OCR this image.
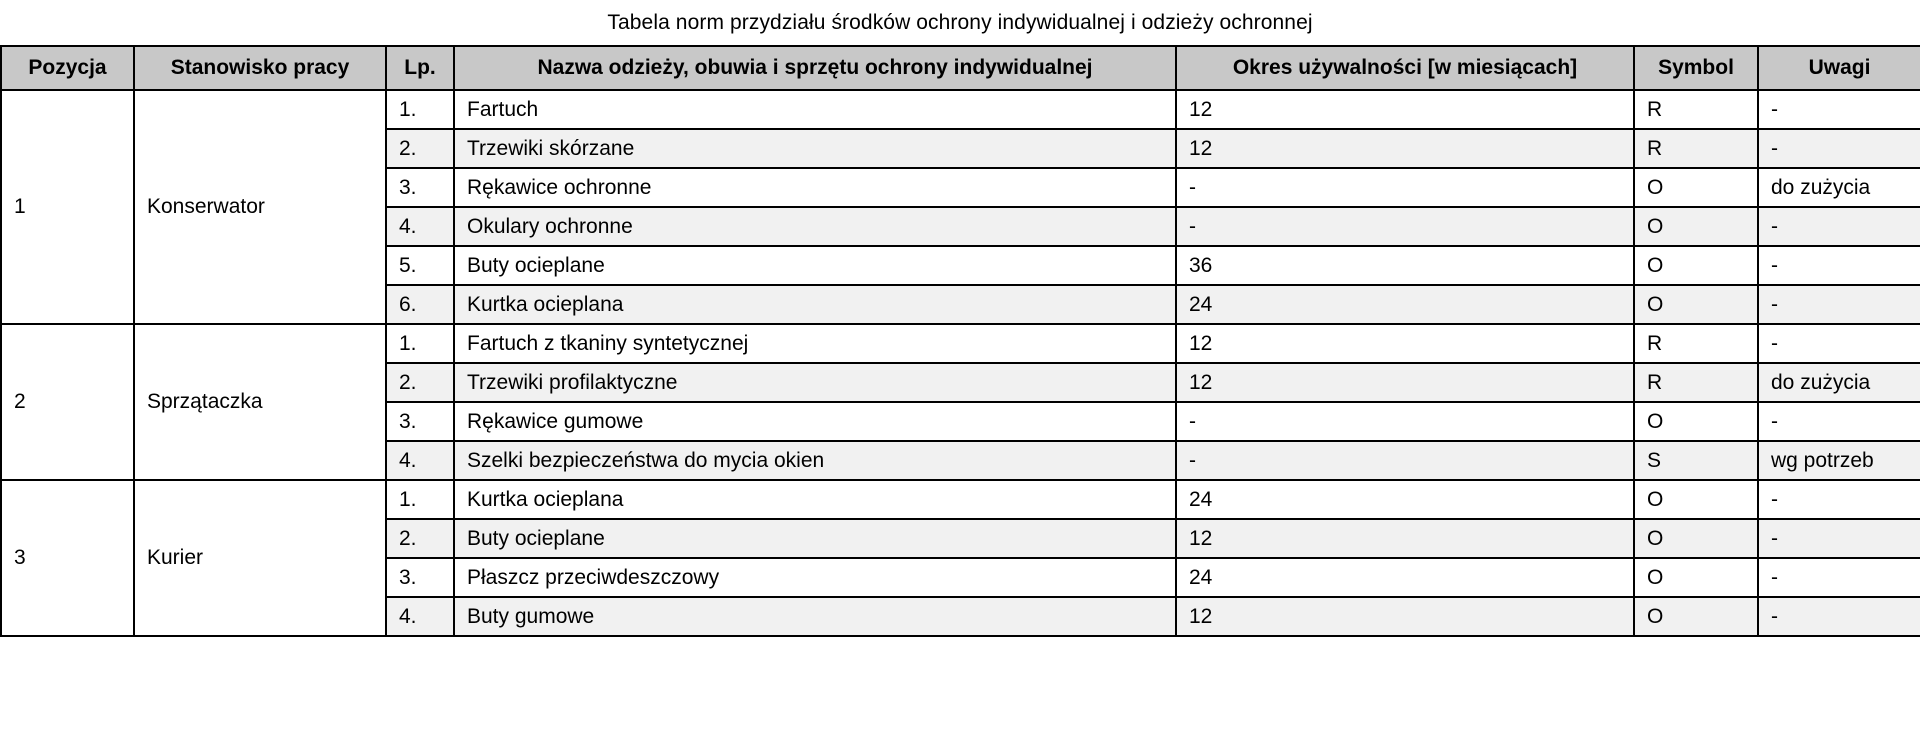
Tabela norm przydziału środków ochrony indywidualnej i odzieży ochronnej
Pozycja	Stanowisko pracy	Lp.	Nazwa odzieży, obuwia i sprzętu ochrony indywidualnej	Okres używalności [w miesiącach]	Symbol	Uwagi
1	Konserwator	1.	Fartuch	12	R	-
		2.	Trzewiki skórzane	12	R	-
		3.	Rękawice ochronne	-	O	do zużycia
		4.	Okulary ochronne	-	O	-
		5.	Buty ocieplane	36	O	-
		6.	Kurtka ocieplana	24	O	-
2	Sprzątaczka	1.	Fartuch z tkaniny syntetycznej	12	R	-
		2.	Trzewiki profilaktyczne	12	R	do zużycia
		3.	Rękawice gumowe	-	O	-
		4.	Szelki bezpieczeństwa do mycia okien	-	S	wg potrzeb
3	Kurier	1.	Kurtka ocieplana	24	O	-
		2.	Buty ocieplane	12	O	-
		3.	Płaszcz przeciwdeszczowy	24	O	-
		4.	Buty gumowe	12	O	-
